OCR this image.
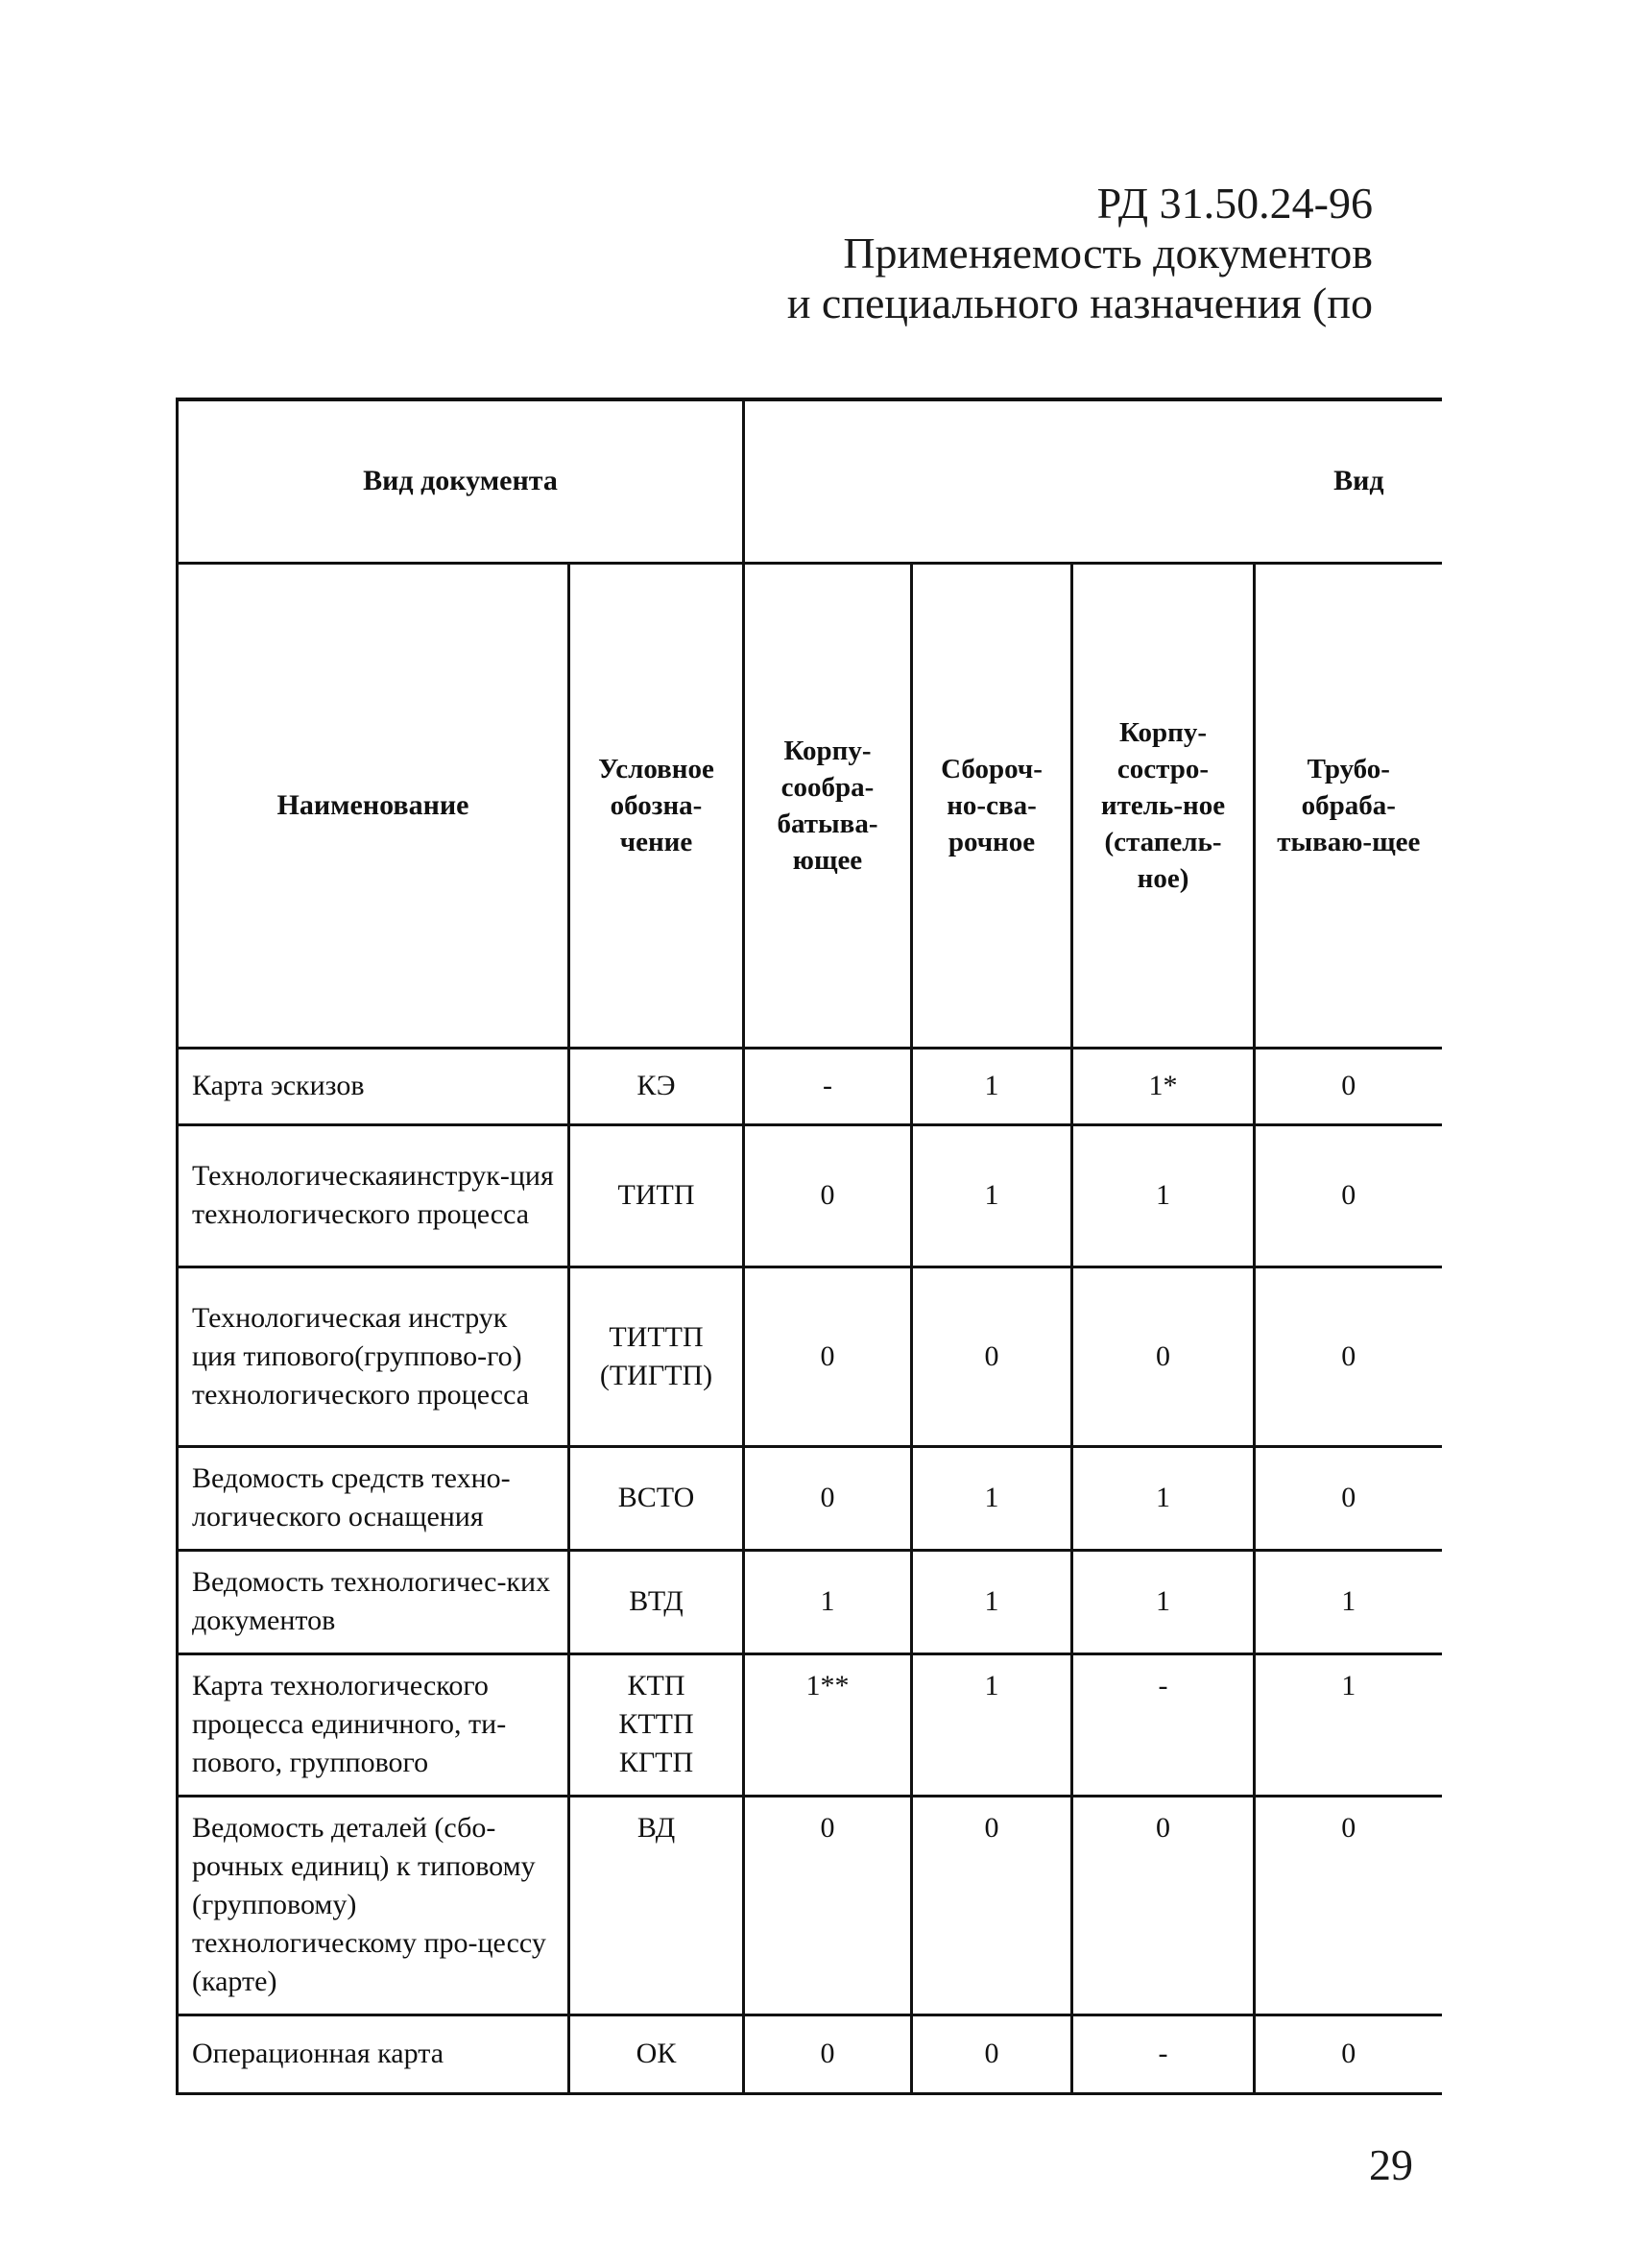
РД 31.50.24-96
Применяемость документов
и специального назначения (по
Вид документа		Вид			
Наименование	Условное обозна-чение	Корпу-сообра-батыва-ющее	Сбороч-но-сва-рочное	Корпу-состро-итель-ное (стапель-ное)	Трубо-обраба-тываю-щее
Карта эскизов	КЭ	-	1	1*	0
Технологическаяинструк-ция технологического процесса	ТИТП	0	1	1	0
Технологическая инструк ция типового(группово-го) технологического процесса	ТИТТП (ТИГТП)	0	0	0	0
Ведомость средств техно-логического оснащения	ВСТО	0	1	1	0
Ведомость технологичес-ких документов	ВТД	1	1	1	1
Карта технологического процесса единичного, ти-пового, группового	КТП КТТП КГТП	1**	1	-	1
Ведомость деталей (сбо-рочных единиц) к типовому (групповому) технологическому про-цессу (карте)	ВД	0	0	0	0
Операционная карта	ОК	0	0	-	0
29
